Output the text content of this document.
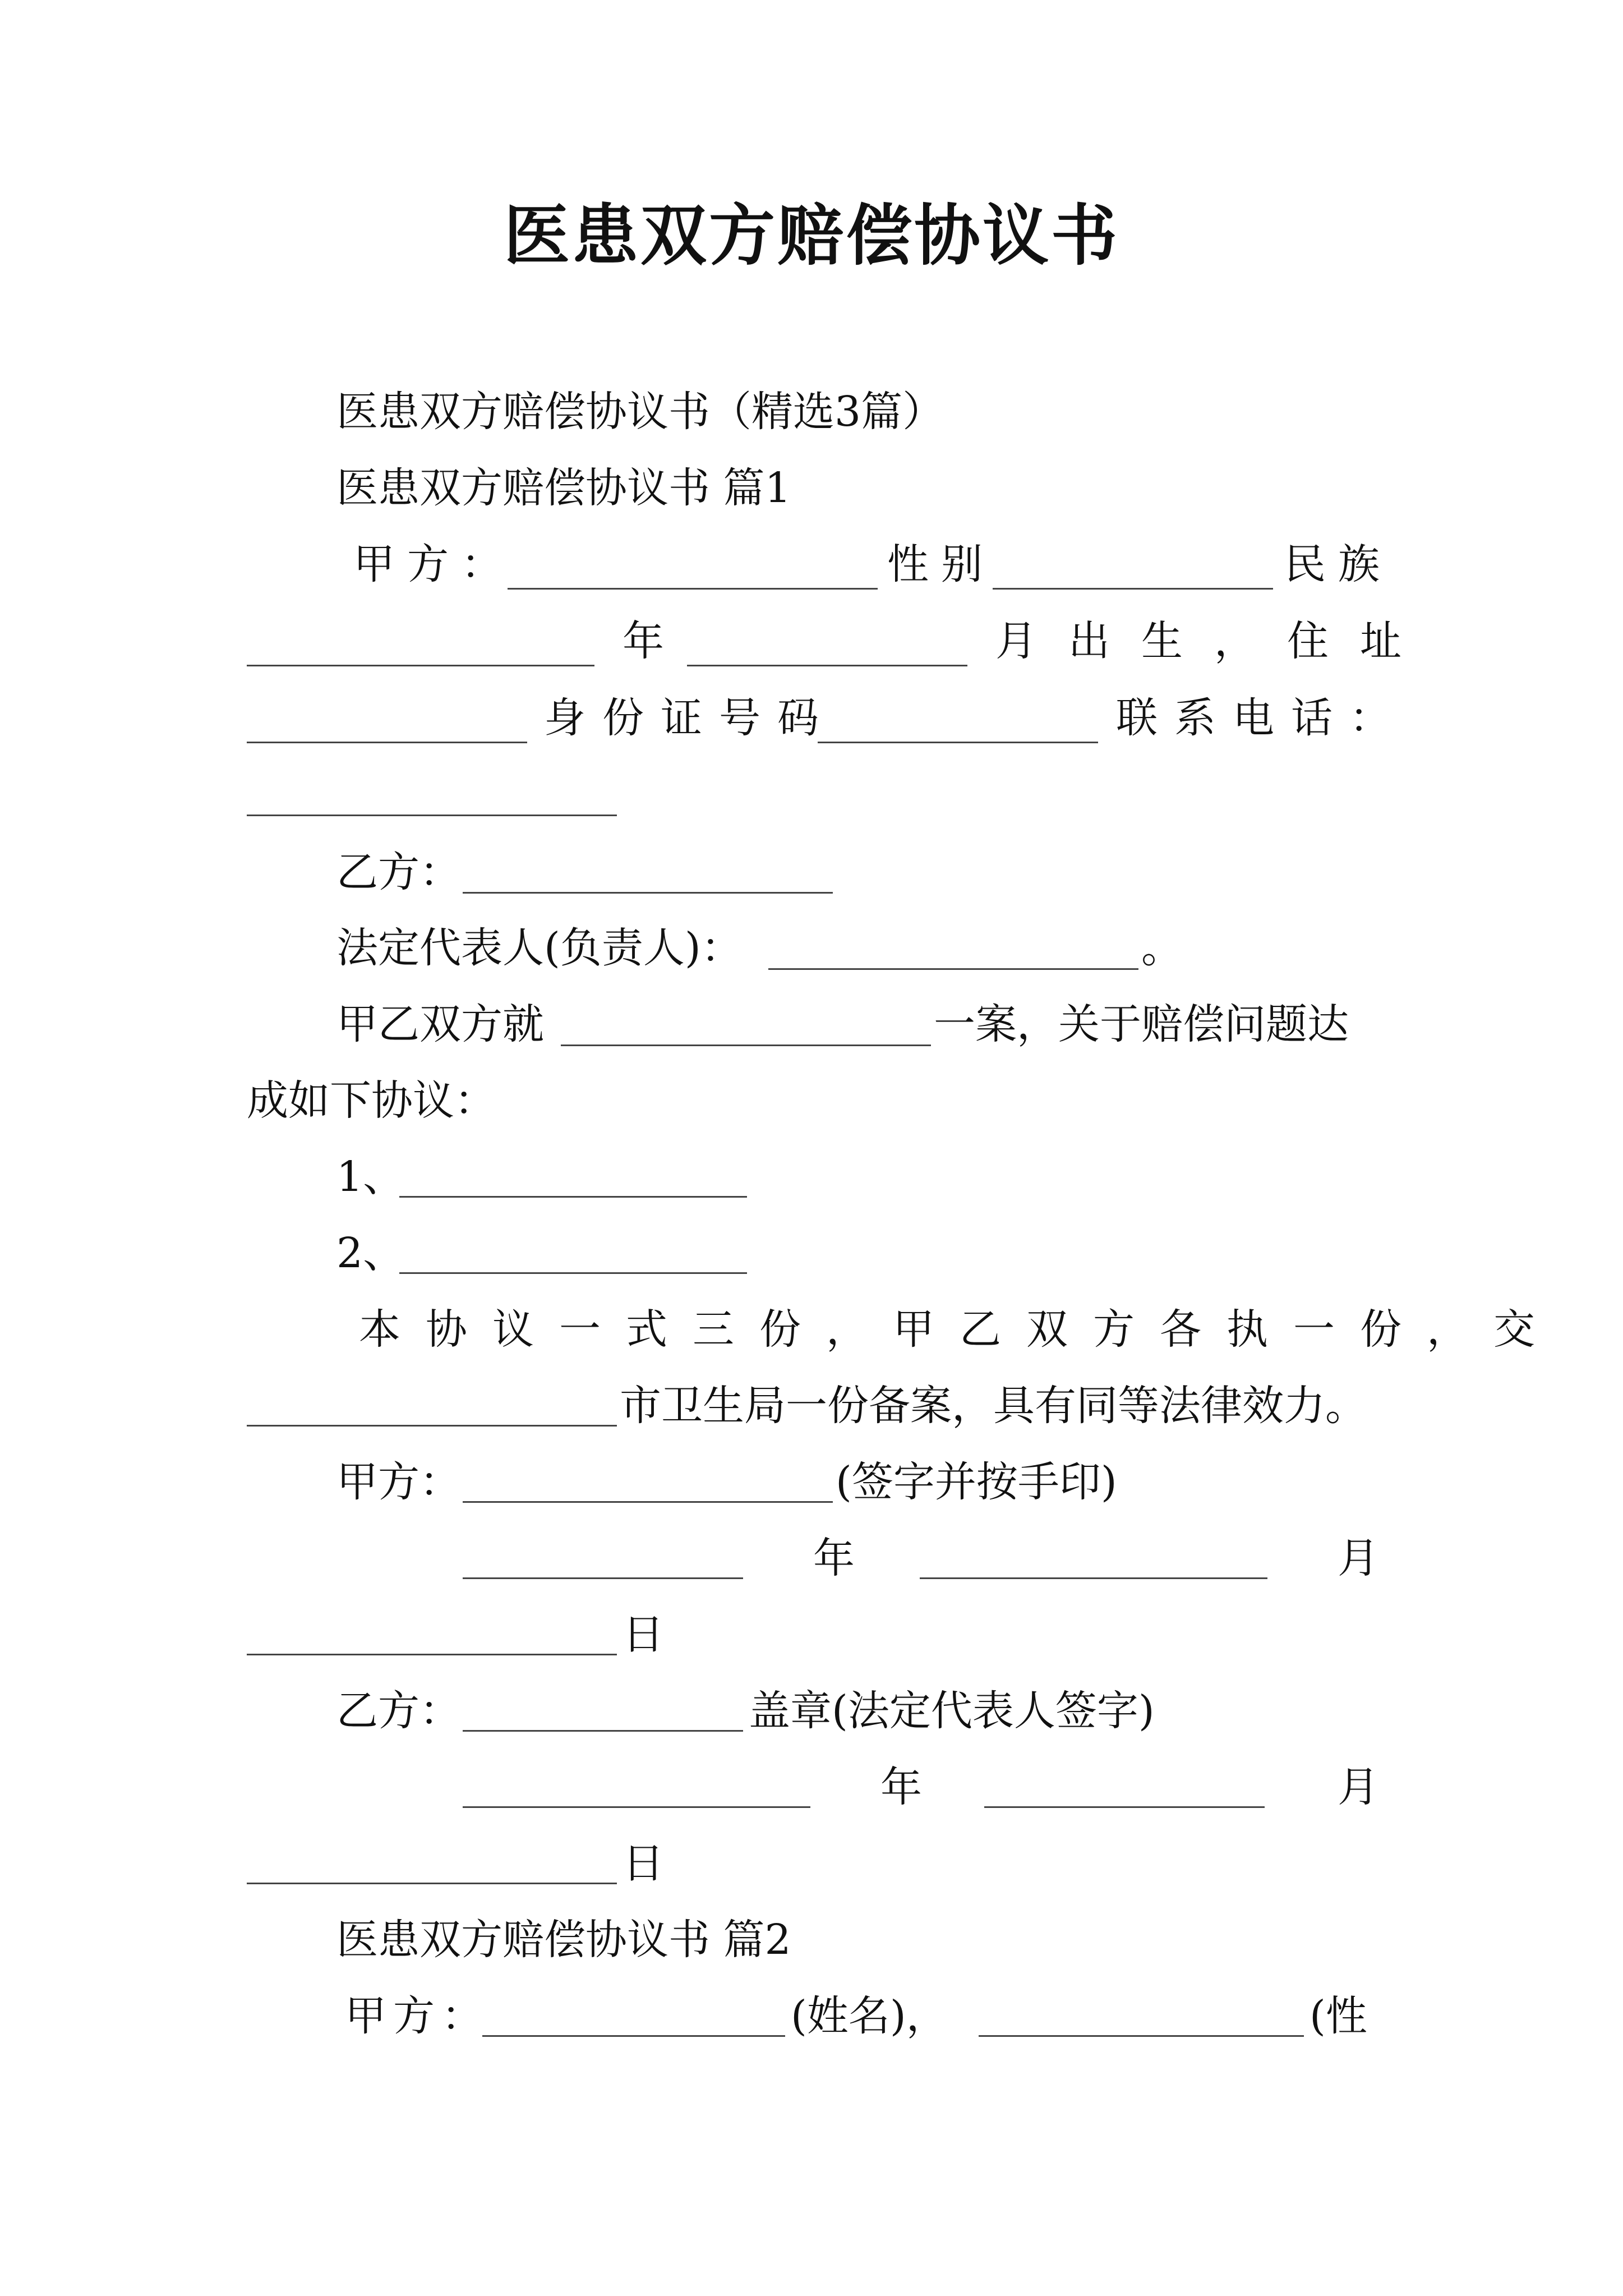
医患双方赔偿协议书
医患双方赔偿协议书（精选3篇）
医患双方赔偿协议书 篇1
甲方：	性别	民族
年	月出生，住址
身份证号码	联系电话：
乙方：
法定代表人(负责人)：	。
甲乙双方就	一案，关于赔偿问题达
成如下协议：
1、
2、
本协议一式三份，甲乙双方各执一份，交
市卫生局一份备案，具有同等法律效力。
甲方：	(签字并按手印)
年	月
日
乙方：	盖章(法定代表人签字)
年	月
日
医患双方赔偿协议书 篇2
甲方：	(姓名)，	(性
